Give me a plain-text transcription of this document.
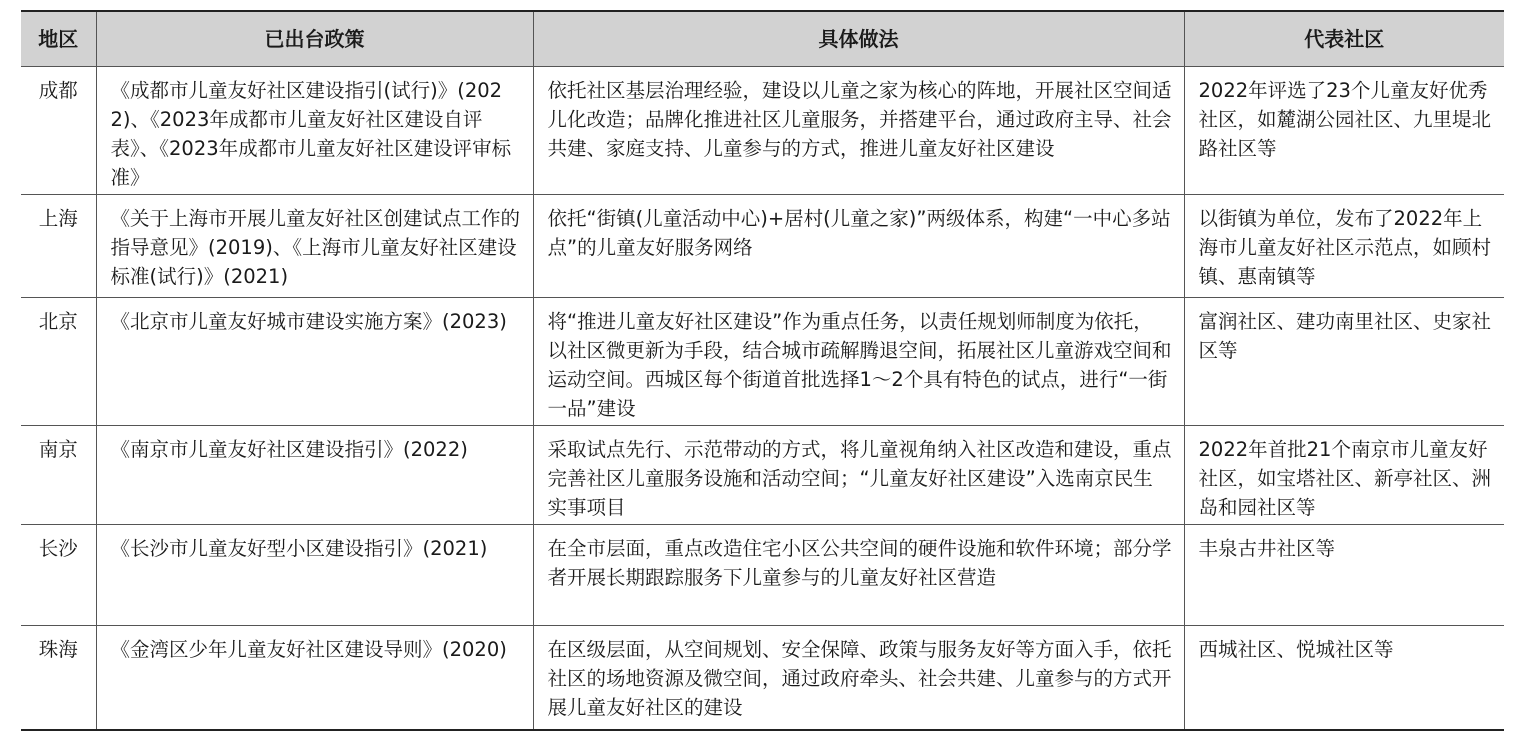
地区	已出台政策	具体做法	代表社区
成都	《成都市儿童友好社区建设指引(试行)》(2022)、《2023年成都市儿童友好社区建设自评表》、《2023年成都市儿童友好社区建设评审标准》	依托社区基层治理经验，建设以儿童之家为核心的阵地，开展社区空间适儿化改造；品牌化推进社区儿童服务，并搭建平台，通过政府主导、社会共建、家庭支持、儿童参与的方式，推进儿童友好社区建设	2022年评选了23个儿童友好优秀社区，如麓湖公园社区、九里堤北路社区等
上海	《关于上海市开展儿童友好社区创建试点工作的指导意见》(2019)、《上海市儿童友好社区建设标准(试行)》(2021)	依托“街镇(儿童活动中心)+居村(儿童之家)”两级体系，构建“一中心多站点”的儿童友好服务网络	以街镇为单位，发布了2022年上海市儿童友好社区示范点，如顾村镇、惠南镇等
北京	《北京市儿童友好城市建设实施方案》(2023)	将“推进儿童友好社区建设”作为重点任务，以责任规划师制度为依托，以社区微更新为手段，结合城市疏解腾退空间，拓展社区儿童游戏空间和运动空间。西城区每个街道首批选择1～2个具有特色的试点，进行“一街一品”建设	富润社区、建功南里社区、史家社区等
南京	《南京市儿童友好社区建设指引》(2022)	采取试点先行、示范带动的方式，将儿童视角纳入社区改造和建设，重点完善社区儿童服务设施和活动空间；“儿童友好社区建设”入选南京民生实事项目	2022年首批21个南京市儿童友好社区，如宝塔社区、新亭社区、洲岛和园社区等
长沙	《长沙市儿童友好型小区建设指引》(2021)	在全市层面，重点改造住宅小区公共空间的硬件设施和软件环境；部分学者开展长期跟踪服务下儿童参与的儿童友好社区营造	丰泉古井社区等
珠海	《金湾区少年儿童友好社区建设导则》(2020)	在区级层面，从空间规划、安全保障、政策与服务友好等方面入手，依托社区的场地资源及微空间，通过政府牵头、社会共建、儿童参与的方式开展儿童友好社区的建设	西城社区、悦城社区等
